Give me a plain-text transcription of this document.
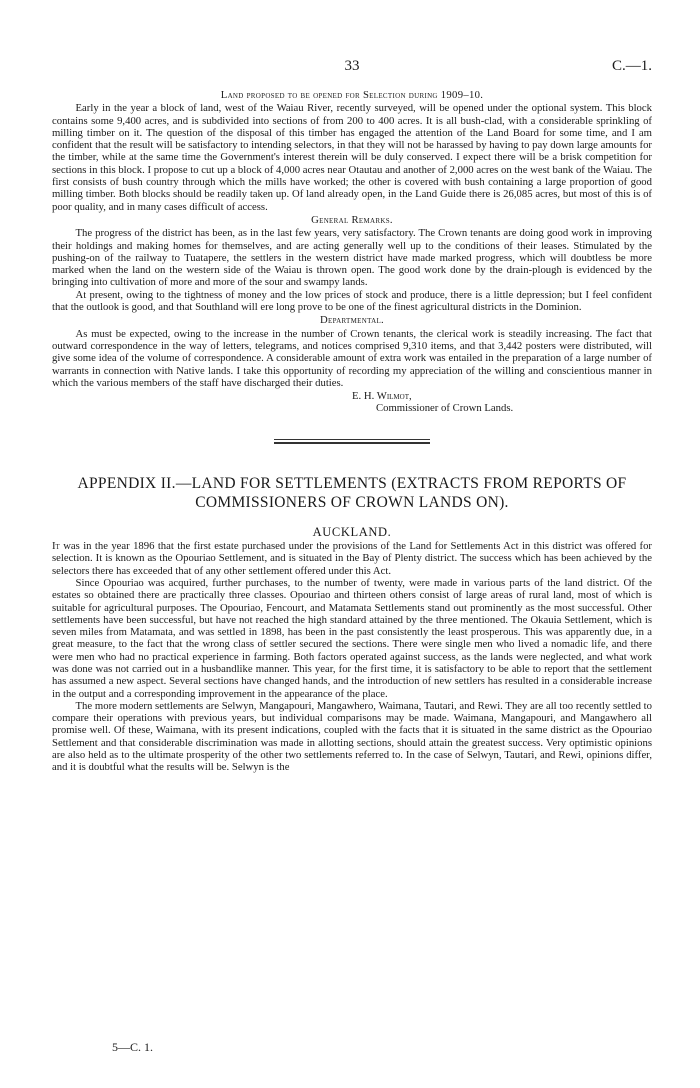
33	C.—1.
Land proposed to be opened for Selection during 1909–10.

Early in the year a block of land, west of the Waiau River, recently surveyed, will be opened under the optional system. This block contains some 9,400 acres, and is subdivided into sections of from 200 to 400 acres. It is all bush-clad, with a considerable sprinkling of milling timber on it. The question of the disposal of this timber has engaged the attention of the Land Board for some time, and I am confident that the result will be satisfactory to intending selectors, in that they will not be harassed by having to pay down large amounts for the timber, while at the same time the Government's interest therein will be duly conserved. I expect there will be a brisk competition for sections in this block. I propose to cut up a block of 4,000 acres near Otautau and another of 2,000 acres on the west bank of the Waiau. The first consists of bush country through which the mills have worked; the other is covered with bush containing a large proportion of good milling timber. Both blocks should be readily taken up. Of land already open, in the Land Guide there is 26,085 acres, but most of this is of poor quality, and in many cases difficult of access.

General Remarks.

The progress of the district has been, as in the last few years, very satisfactory. The Crown tenants are doing good work in improving their holdings and making homes for themselves, and are acting generally well up to the conditions of their leases. Stimulated by the pushing-on of the railway to Tuatapere, the settlers in the western district have made marked progress, which will doubtless be more marked when the land on the western side of the Waiau is thrown open. The good work done by the drain-plough is evidenced by the bringing into cultivation of more and more of the sour and swampy lands.

At present, owing to the tightness of money and the low prices of stock and produce, there is a little depression; but I feel confident that the outlook is good, and that Southland will ere long prove to be one of the finest agricultural districts in the Dominion.

Departmental.

As must be expected, owing to the increase in the number of Crown tenants, the clerical work is steadily increasing. The fact that outward correspondence in the way of letters, telegrams, and notices comprised 9,310 items, and that 3,442 posters were distributed, will give some idea of the volume of correspondence. A considerable amount of extra work was entailed in the preparation of a large number of warrants in connection with Native lands. I take this opportunity of recording my appreciation of the willing and conscientious manner in which the various members of the staff have discharged their duties.

E. H. Wilmot,
Commissioner of Crown Lands.
APPENDIX II.—LAND FOR SETTLEMENTS (EXTRACTS FROM REPORTS OF COMMISSIONERS OF CROWN LANDS ON).
AUCKLAND.

It was in the year 1896 that the first estate purchased under the provisions of the Land for Settlements Act in this district was offered for selection. It is known as the Opouriao Settlement, and is situated in the Bay of Plenty district. The success which has been achieved by the selectors there has exceeded that of any other settlement offered under this Act.

Since Opouriao was acquired, further purchases, to the number of twenty, were made in various parts of the land district. Of the estates so obtained there are practically three classes. Opouriao and thirteen others consist of large areas of rural land, most of which is suitable for agricultural purposes. The Opouriao, Fencourt, and Matamata Settlements stand out prominently as the most successful. Other settlements have been successful, but have not reached the high standard attained by the three mentioned. The Okauia Settlement, which is seven miles from Matamata, and was settled in 1898, has been in the past consistently the least prosperous. This was apparently due, in a great measure, to the fact that the wrong class of settler secured the sections. There were single men who lived a nomadic life, and there were men who had no practical experience in farming. Both factors operated against success, as the lands were neglected, and what work was done was not carried out in a husbandlike manner. This year, for the first time, it is satisfactory to be able to report that the settlement has assumed a new aspect. Several sections have changed hands, and the introduction of new settlers has resulted in a considerable increase in the output and a corresponding improvement in the appearance of the place.

The more modern settlements are Selwyn, Mangapouri, Mangawhero, Waimana, Tautari, and Rewi. They are all too recently settled to compare their operations with previous years, but individual comparisons may be made. Waimana, Mangapouri, and Mangawhero all promise well. Of these, Waimana, with its present indications, coupled with the facts that it is situated in the same district as the Opouriao Settlement and that considerable discrimination was made in allotting sections, should attain the greatest success. Very optimistic opinions are also held as to the ultimate prosperity of the other two settlements referred to. In the case of Selwyn, Tautari, and Rewi, opinions differ, and it is doubtful what the results will be. Selwyn is the

5—C. 1.
